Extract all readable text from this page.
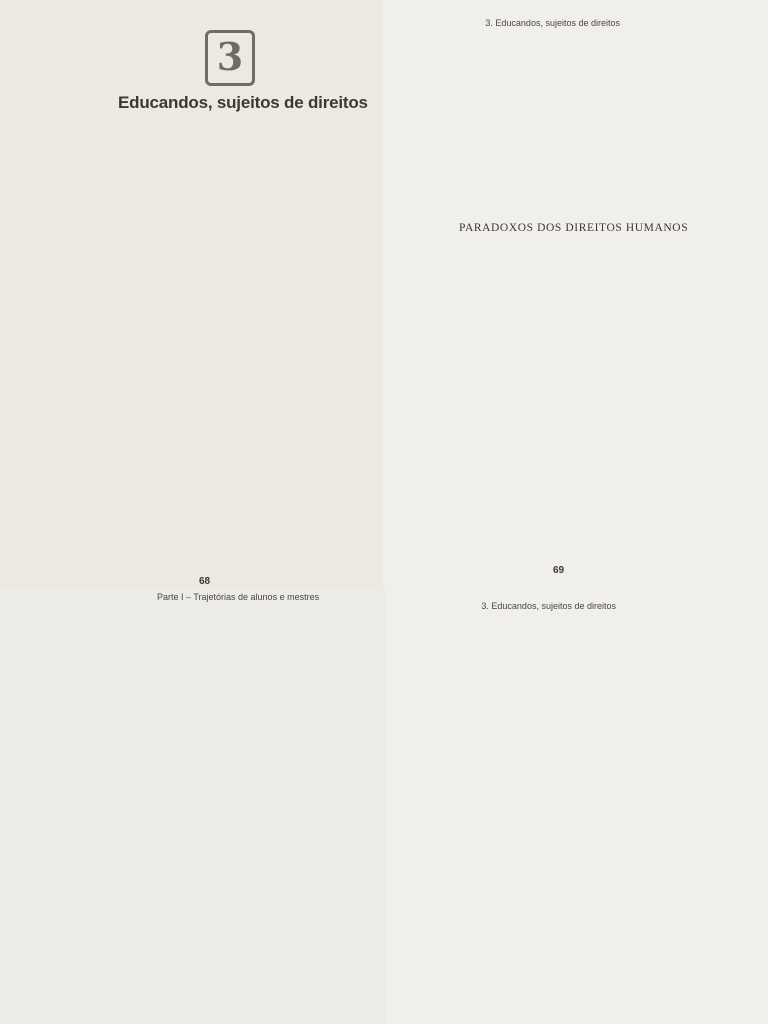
3
Educandos, sujeitos de direitos

68

3. Educandos, sujeitos de direitos

PARADOXOS DOS DIREITOS HUMANOS

69

Parte I – Trajetórias de alunos e mestres

3. Educandos, sujeitos de direitos
